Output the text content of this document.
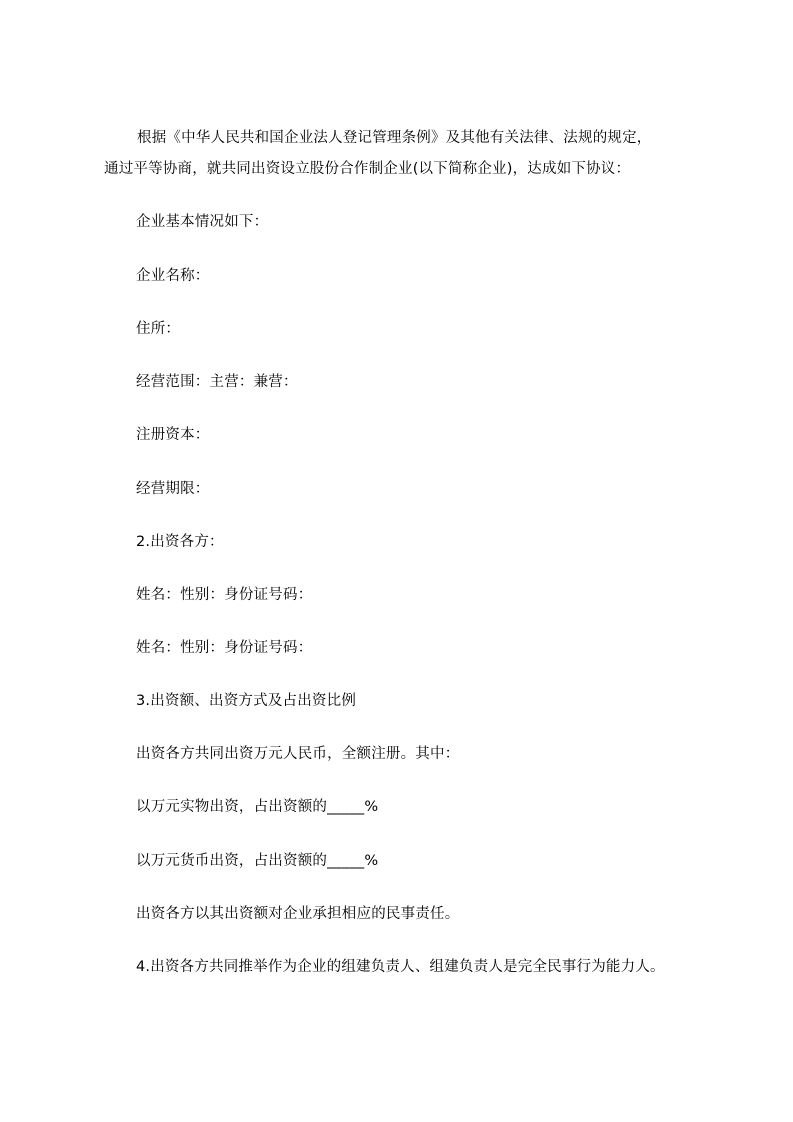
根据《中华人民共和国企业法人登记管理条例》及其他有关法律、法规的规定，
通过平等协商，就共同出资设立股份合作制企业(以下简称企业)，达成如下协议：
企业基本情况如下：
企业名称：
住所：
经营范围：主营：兼营：
注册资本：
经营期限：
2.出资各方：
姓名：性别：身份证号码：
姓名：性别：身份证号码：
3.出资额、出资方式及占出资比例
出资各方共同出资万元人民币，全额注册。其中：
以万元实物出资，占出资额的_____%
以万元货币出资，占出资额的_____%
出资各方以其出资额对企业承担相应的民事责任。
4.出资各方共同推举作为企业的组建负责人、组建负责人是完全民事行为能力人。
